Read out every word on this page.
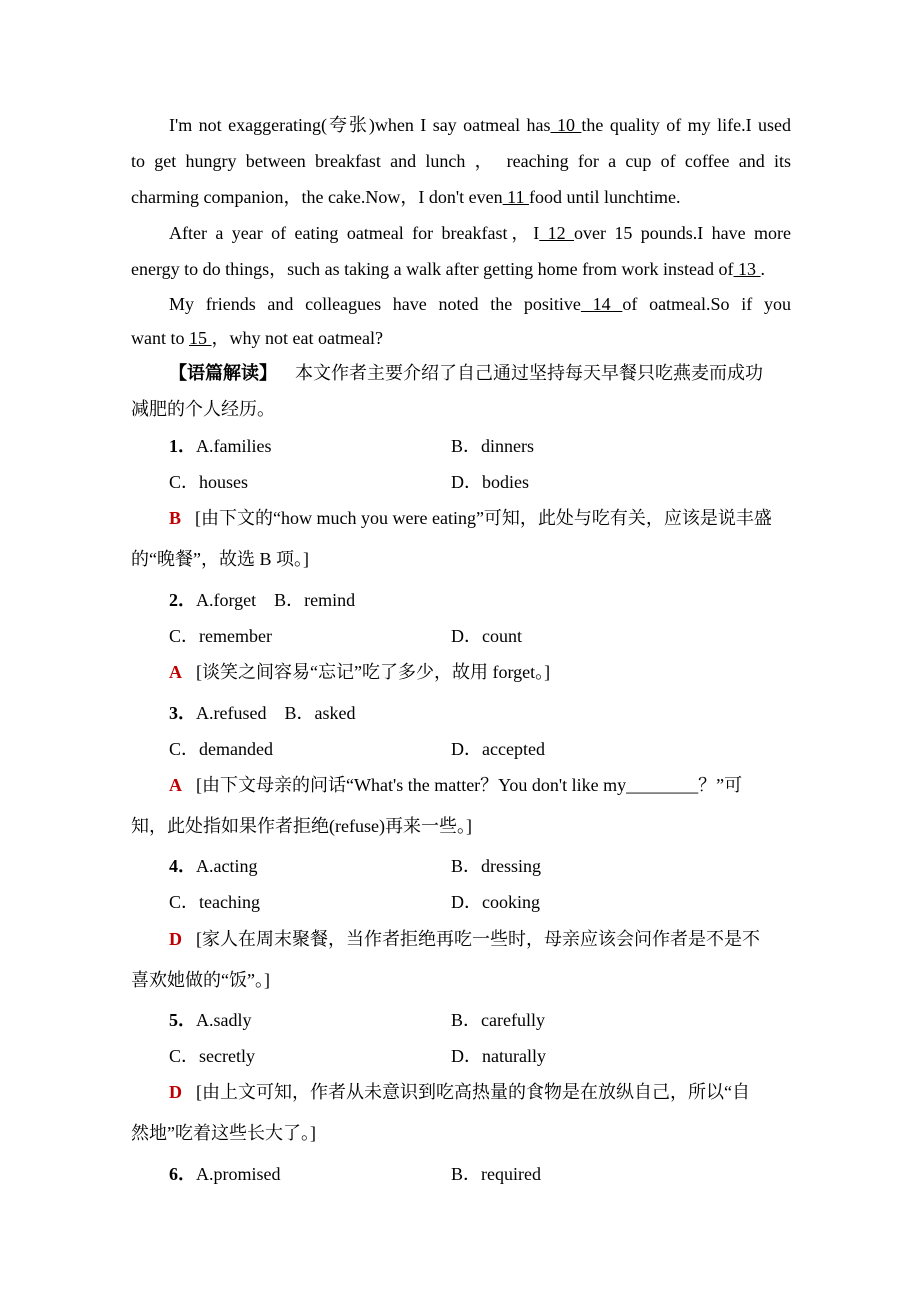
I'm not exaggerating(夸张)when I say oatmeal has 10 the quality of my life.I used
to get hungry between breakfast and lunch ， reaching for a cup of coffee and its
charming companion，the cake.Now，I don't even 11 food until lunchtime.
After a year of eating oatmeal for breakfast，I 12 over 15 pounds.I have more
energy to do things，such as taking a walk after getting home from work instead of 13 .
My friends and colleagues have noted the positive 14 of oatmeal.So if you
want to 15 ，why not eat oatmeal?
【语篇解读】 本文作者主要介绍了自己通过坚持每天早餐只吃燕麦而成功
减肥的个人经历。
1．A.families	B．dinners
C．houses	D．bodies
B [由下文的“how much you were eating”可知，此处与吃有关，应该是说丰盛
的“晚餐”，故选 B 项。]
2．A.forget B．remind
C．remember	D．count
A [谈笑之间容易“忘记”吃了多少，故用 forget。]
3．A.refused B．asked
C．demanded	D．accepted
A [由下文母亲的问话“What's the matter？You don't like my________？”可
知，此处指如果作者拒绝(refuse)再来一些。]
4．A.acting	B．dressing
C．teaching	D．cooking
D [家人在周末聚餐，当作者拒绝再吃一些时，母亲应该会问作者是不是不
喜欢她做的“饭”。]
5．A.sadly	B．carefully
C．secretly	D．naturally
D [由上文可知，作者从未意识到吃高热量的食物是在放纵自己，所以“自
然地”吃着这些长大了。]
6．A.promised	B．required
